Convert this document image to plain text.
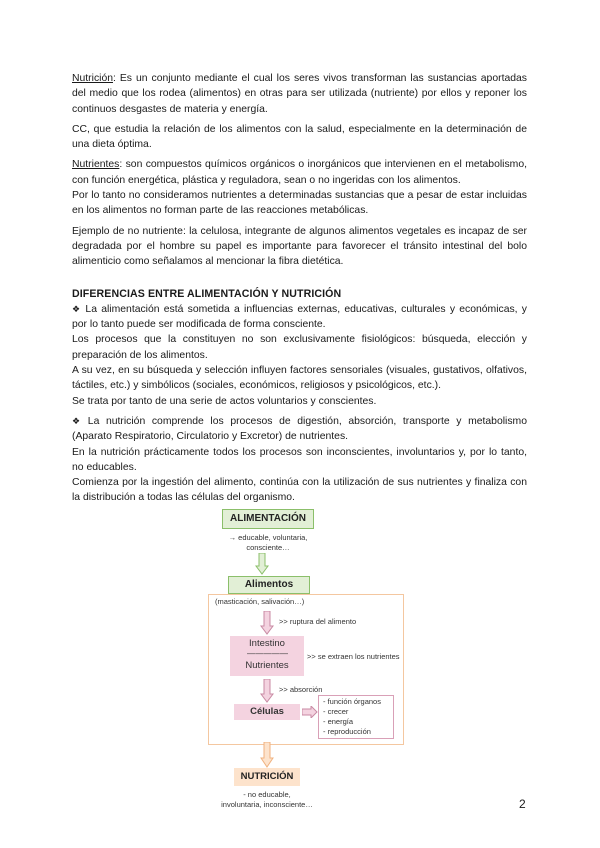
Nutrición: Es un conjunto mediante el cual los seres vivos transforman las sustancias aportadas del medio que los rodea (alimentos) en otras para ser utilizada (nutriente) por ellos y reponer los continuos desgastes de materia y energía.

CC, que estudia la relación de los alimentos con la salud, especialmente en la determinación de una dieta óptima.

Nutrientes: son compuestos químicos orgánicos o inorgánicos que intervienen en el metabolismo, con función energética, plástica y reguladora, sean o no ingeridas con los alimentos.

Por lo tanto no consideramos nutrientes a determinadas sustancias que a pesar de estar incluidas en los alimentos no forman parte de las reacciones metabólicas.

Ejemplo de no nutriente: la celulosa, integrante de algunos alimentos vegetales es incapaz de ser degradada por el hombre su papel es importante para favorecer el tránsito intestinal del bolo alimenticio como señalamos al mencionar la fibra dietética.

DIFERENCIAS ENTRE ALIMENTACIÓN Y NUTRICIÓN

❖ La alimentación está sometida a influencias externas, educativas, culturales y económicas, y por lo tanto puede ser modificada de forma consciente.

Los procesos que la constituyen no son exclusivamente fisiológicos: búsqueda, elección y preparación de los alimentos.

A su vez, en su búsqueda y selección influyen factores sensoriales (visuales, gustativos, olfativos, táctiles, etc.) y simbólicos (sociales, económicos, religiosos y psicológicos, etc.).

Se trata por tanto de una serie de actos voluntarios y conscientes.

❖ La nutrición comprende los procesos de digestión, absorción, transporte y metabolismo (Aparato Respiratorio, Circulatorio y Excretor) de nutrientes.

En la nutrición prácticamente todos los procesos son inconscientes, involuntarios y, por lo tanto, no educables.

Comienza por la ingestión del alimento, continúa con la utilización de sus nutrientes y finaliza con la distribución a todas las células del organismo.

ALIMENTACIÓN
→ educable, voluntaria, consciente…
Alimentos
(masticación, salivación…)
>> ruptura del alimento
Intestino
— — — — —
Nutrientes
>> se extraen los nutrientes
>> absorción
Células
- función órganos
- crecer
- energía
- reproducción
NUTRICIÓN
- no educable,
involuntaria, inconsciente…	2
